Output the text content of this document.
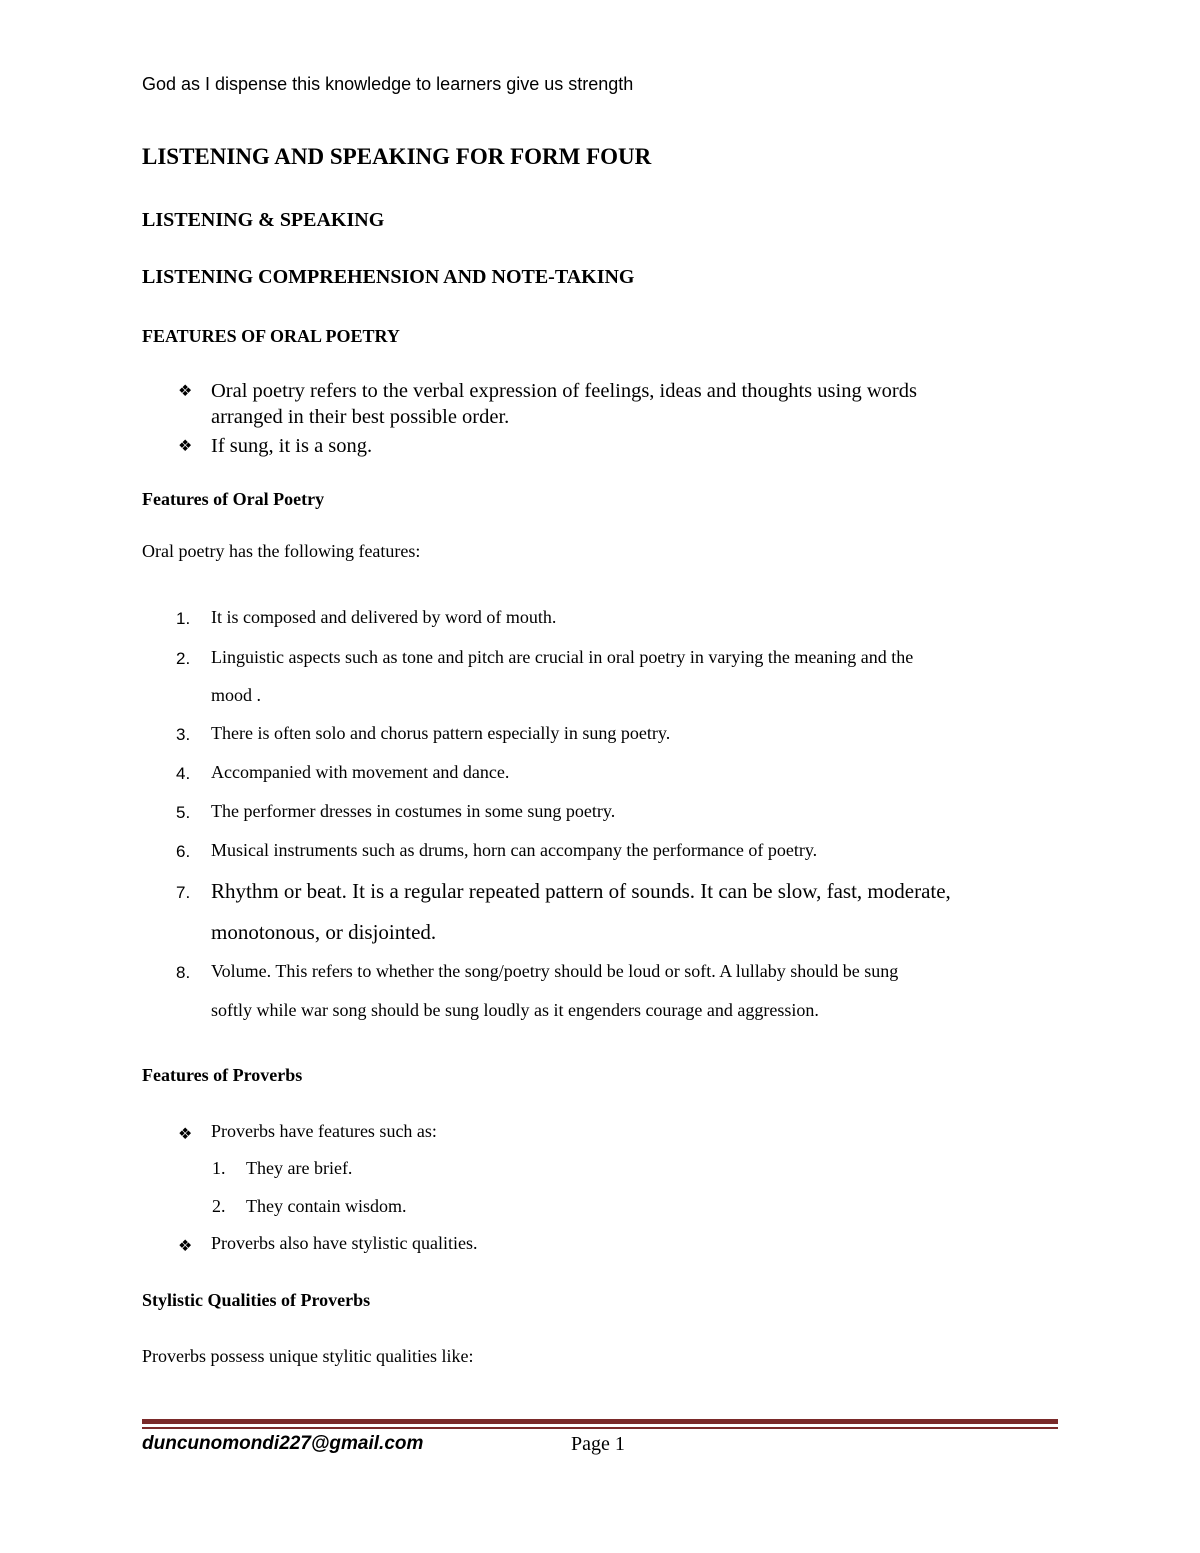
God as I dispense this knowledge to learners give us strength
LISTENING AND SPEAKING FOR FORM FOUR
LISTENING & SPEAKING
LISTENING COMPREHENSION AND NOTE-TAKING
FEATURES OF ORAL POETRY
❖ Oral poetry refers to the verbal expression of feelings, ideas and thoughts using words
arranged in their best possible order.
❖ If sung, it is a song.
Features of Oral Poetry
Oral poetry has the following features:
1. It is composed and delivered by word of mouth.
2. Linguistic aspects such as tone and pitch are crucial in oral poetry in varying the meaning and the
mood .
3. There is often solo and chorus pattern especially in sung poetry.
4. Accompanied with movement and dance.
5. The performer dresses in costumes in some sung poetry.
6. Musical instruments such as drums, horn can accompany the performance of poetry.
7. Rhythm or beat. It is a regular repeated pattern of sounds. It can be slow, fast, moderate,
monotonous, or disjointed.
8. Volume. This refers to whether the song/poetry should be loud or soft. A lullaby should be sung
softly while war song should be sung loudly as it engenders courage and aggression.
Features of Proverbs
❖ Proverbs have features such as:
1. They are brief.
2. They contain wisdom.
❖ Proverbs also have stylistic qualities.
Stylistic Qualities of Proverbs
Proverbs possess unique stylitic qualities like:
duncunomondi227@gmail.com	Page 1
